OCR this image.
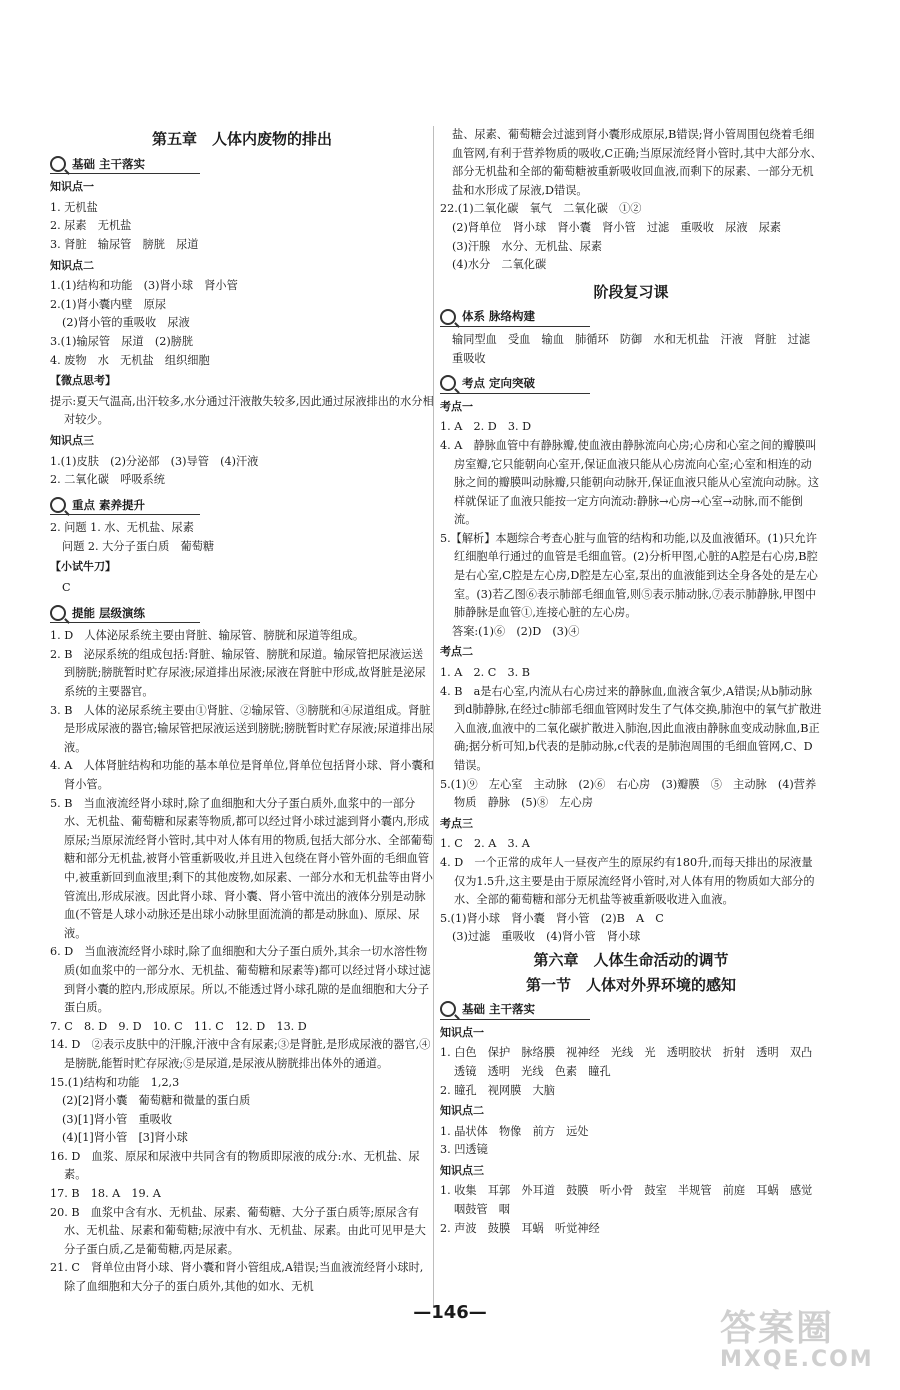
第五章　人体内废物的排出
基础 主干落实
知识点一
1. 无机盐
2. 尿素　无机盐
3. 肾脏　输尿管　膀胱　尿道
知识点二
1.(1)结构和功能　(3)肾小球　肾小管
2.(1)肾小囊内壁　原尿
(2)肾小管的重吸收　尿液
3.(1)输尿管　尿道　(2)膀胱
4. 废物　水　无机盐　组织细胞
【微点思考】
提示:夏天气温高,出汗较多,水分通过汗液散失较多,因此通过尿液排出的水分相对较少。
知识点三
1.(1)皮肤　(2)分泌部　(3)导管　(4)汗液
2. 二氧化碳　呼吸系统
重点 素养提升
2. 问题 1. 水、无机盐、尿素
问题 2. 大分子蛋白质　葡萄糖
【小试牛刀】
C
提能 层级演练
1. D　人体泌尿系统主要由肾脏、输尿管、膀胱和尿道等组成。
2. B　泌尿系统的组成包括:肾脏、输尿管、膀胱和尿道。输尿管把尿液运送到膀胱;膀胱暂时贮存尿液;尿道排出尿液;尿液在肾脏中形成,故肾脏是泌尿系统的主要器官。
3. B　人体的泌尿系统主要由①肾脏、②输尿管、③膀胱和④尿道组成。肾脏是形成尿液的器官;输尿管把尿液运送到膀胱;膀胱暂时贮存尿液;尿道排出尿液。
4. A　人体肾脏结构和功能的基本单位是肾单位,肾单位包括肾小球、肾小囊和肾小管。
5. B　当血液流经肾小球时,除了血细胞和大分子蛋白质外,血浆中的一部分水、无机盐、葡萄糖和尿素等物质,都可以经过肾小球过滤到肾小囊内,形成原尿;当原尿流经肾小管时,其中对人体有用的物质,包括大部分水、全部葡萄糖和部分无机盐,被肾小管重新吸收,并且进入包绕在肾小管外面的毛细血管中,被重新回到血液里;剩下的其他废物,如尿素、一部分水和无机盐等由肾小管流出,形成尿液。因此肾小球、肾小囊、肾小管中流出的液体分别是动脉血(不管是人球小动脉还是出球小动脉里面流淌的都是动脉血)、原尿、尿液。
6. D　当血液流经肾小球时,除了血细胞和大分子蛋白质外,其余一切水溶性物质(如血浆中的一部分水、无机盐、葡萄糖和尿素等)都可以经过肾小球过滤到肾小囊的腔内,形成原尿。所以,不能透过肾小球孔隙的是血细胞和大分子蛋白质。
7. C　8. D　9. D　10. C　11. C　12. D　13. D
14. D　②表示皮肤中的汗腺,汗液中含有尿素;③是肾脏,是形成尿液的器官,④是膀胱,能暂时贮存尿液;⑤是尿道,是尿液从膀胱排出体外的通道。
15.(1)结构和功能　1,2,3
(2)[2]肾小囊　葡萄糖和微量的蛋白质
(3)[1]肾小管　重吸收
(4)[1]肾小管　[3]肾小球
16. D　血浆、原尿和尿液中共同含有的物质即尿液的成分:水、无机盐、尿素。
17. B　18. A　19. A
20. B　血浆中含有水、无机盐、尿素、葡萄糖、大分子蛋白质等;原尿含有水、无机盐、尿素和葡萄糖;尿液中有水、无机盐、尿素。由此可见甲是大分子蛋白质,乙是葡萄糖,丙是尿素。
21. C　肾单位由肾小球、肾小囊和肾小管组成,A错误;当血液流经肾小球时,除了血细胞和大分子的蛋白质外,其他的如水、无机
盐、尿素、葡萄糖会过滤到肾小囊形成原尿,B错误;肾小管周围包绕着毛细血管网,有利于营养物质的吸收,C正确;当原尿流经肾小管时,其中大部分水、部分无机盐和全部的葡萄糖被重新吸收回血液,而剩下的尿素、一部分无机盐和水形成了尿液,D错误。
22.(1)二氧化碳　氧气　二氧化碳　①②
(2)肾单位　肾小球　肾小囊　肾小管　过滤　重吸收　尿液　尿素
(3)汗腺　水分、无机盐、尿素
(4)水分　二氧化碳
阶段复习课
体系 脉络构建
输同型血　受血　输血　肺循环　防御　水和无机盐　汗液　肾脏　过滤　重吸收
考点 定向突破
考点一
1. A　2. D　3. D
4. A　静脉血管中有静脉瓣,使血液由静脉流向心房;心房和心室之间的瓣膜叫房室瓣,它只能朝向心室开,保证血液只能从心房流向心室;心室和相连的动脉之间的瓣膜叫动脉瓣,只能朝向动脉开,保证血液只能从心室流向动脉。这样就保证了血液只能按一定方向流动:静脉→心房→心室→动脉,而不能倒流。
5.【解析】本题综合考查心脏与血管的结构和功能,以及血液循环。(1)只允许红细胞单行通过的血管是毛细血管。(2)分析甲图,心脏的A腔是右心房,B腔是右心室,C腔是左心房,D腔是左心室,泵出的血液能到达全身各处的是左心室。(3)若乙图⑥表示肺部毛细血管,则⑤表示肺动脉,⑦表示肺静脉,甲图中肺静脉是血管①,连接心脏的左心房。
答案:(1)⑥　(2)D　(3)④
考点二
1. A　2. C　3. B
4. B　a是右心室,内流从右心房过来的静脉血,血液含氧少,A错误;从b肺动脉到d肺静脉,在经过c肺部毛细血管网时发生了气体交换,肺泡中的氧气扩散进入血液,血液中的二氧化碳扩散进入肺泡,因此血液由静脉血变成动脉血,B正确;据分析可知,b代表的是肺动脉,c代表的是肺泡周围的毛细血管网,C、D错误。
5.(1)⑨　左心室　主动脉　(2)⑥　右心房　(3)瓣膜　⑤　主动脉　(4)营养物质　静脉　(5)⑧　左心房
考点三
1. C　2. A　3. A
4. D　一个正常的成年人一昼夜产生的原尿约有180升,而每天排出的尿液量仅为1.5升,这主要是由于原尿流经肾小管时,对人体有用的物质如大部分的水、全部的葡萄糖和部分无机盐等被重新吸收进入血液。
5.(1)肾小球　肾小囊　肾小管　(2)B　A　C
(3)过滤　重吸收　(4)肾小管　肾小球
第六章　人体生命活动的调节
第一节　人体对外界环境的感知
基础 主干落实
知识点一
1. 白色　保护　脉络膜　视神经　光线　光　透明胶状　折射　透明　双凸透镜　透明　光线　色素　瞳孔
2. 瞳孔　视网膜　大脑
知识点二
1. 晶状体　物像　前方　远处
3. 凹透镜
知识点三
1. 收集　耳郭　外耳道　鼓膜　听小骨　鼓室　半规管　前庭　耳蜗　感觉　咽鼓管　咽
2. 声波　鼓膜　耳蜗　听觉神经
—146—	答案圈
MXQE.COM
